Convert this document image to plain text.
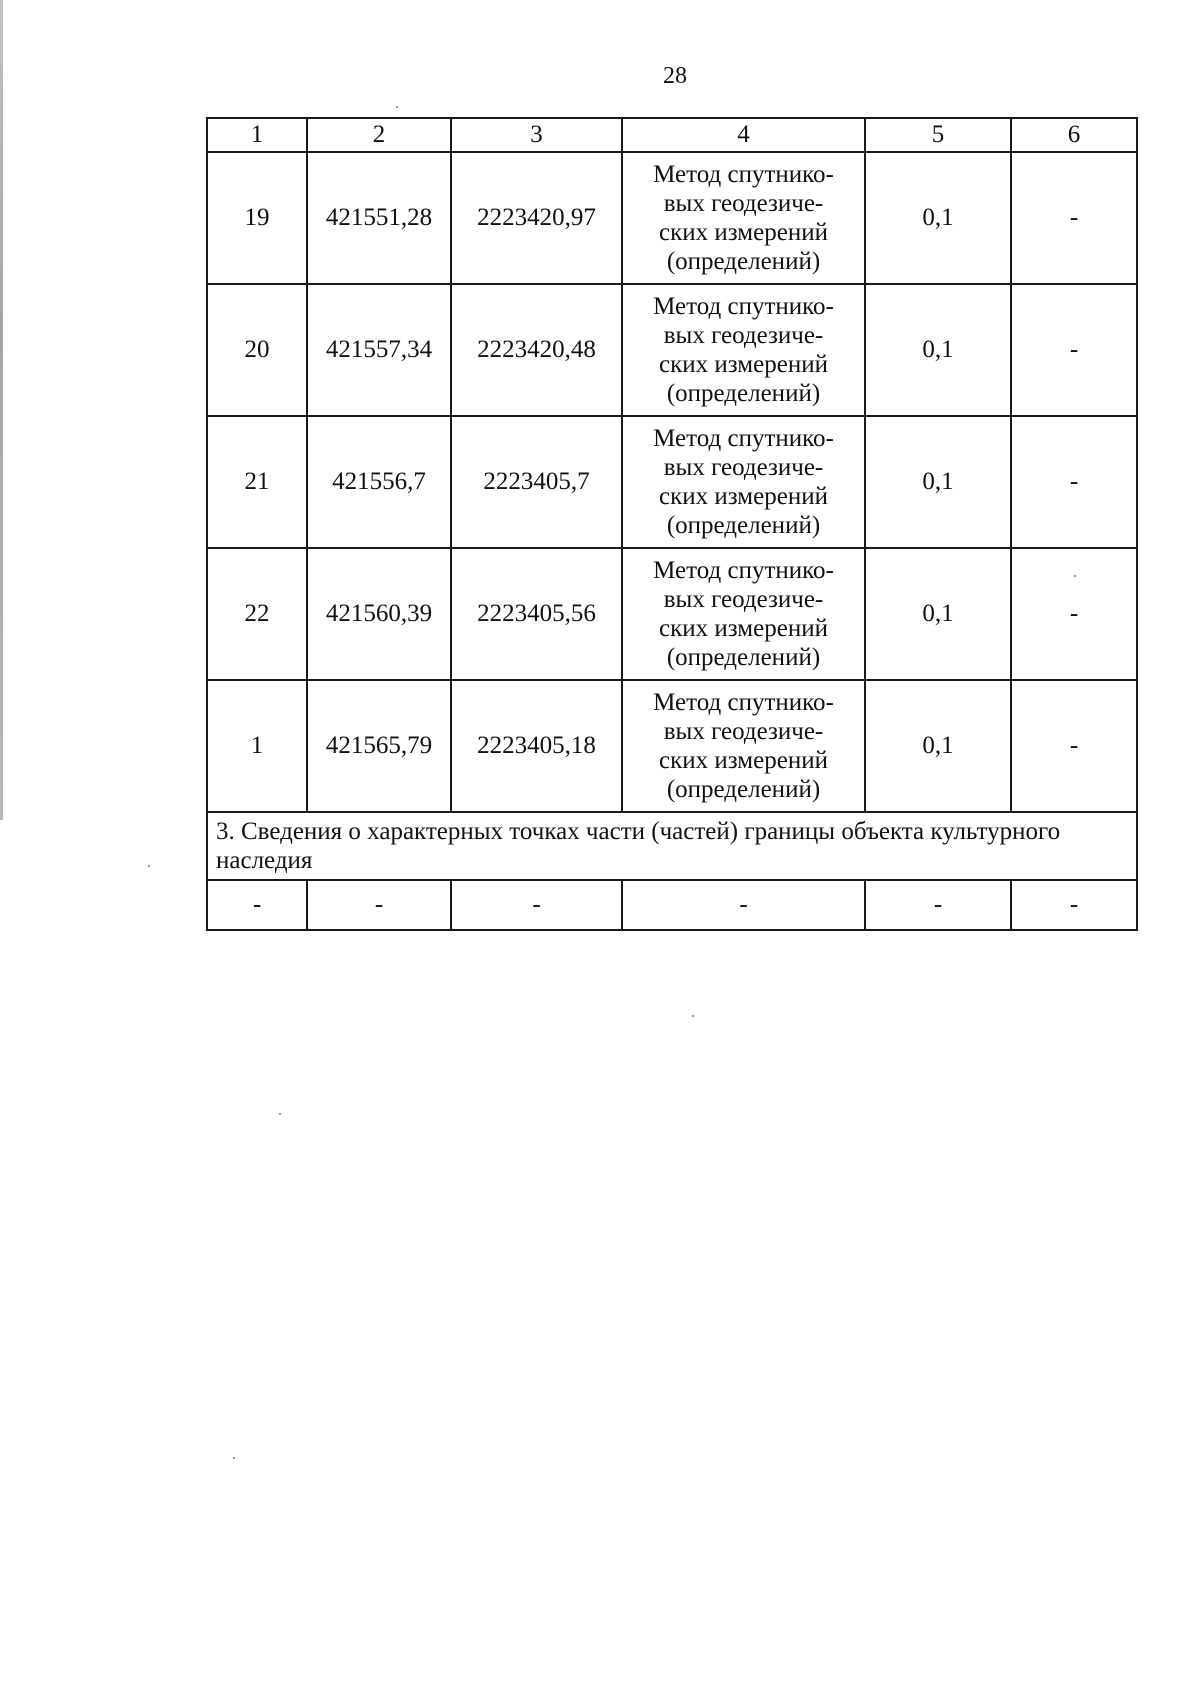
28
1	2	3	4	5	6
19	421551,28	2223420,97	Метод спутнико-
вых геодезиче-
ских измерений
(определений)	0,1	-
20	421557,34	2223420,48	Метод спутнико-
вых геодезиче-
ских измерений
(определений)	0,1	-
21	421556,7	2223405,7	Метод спутнико-
вых геодезиче-
ских измерений
(определений)	0,1	-
22	421560,39	2223405,56	Метод спутнико-
вых геодезиче-
ских измерений
(определений)	0,1	-
1	421565,79	2223405,18	Метод спутнико-
вых геодезиче-
ских измерений
(определений)	0,1	-
3. Сведения о характерных точках части (частей) границы объекта культурного наследия					
-	-	-	-	-	-
